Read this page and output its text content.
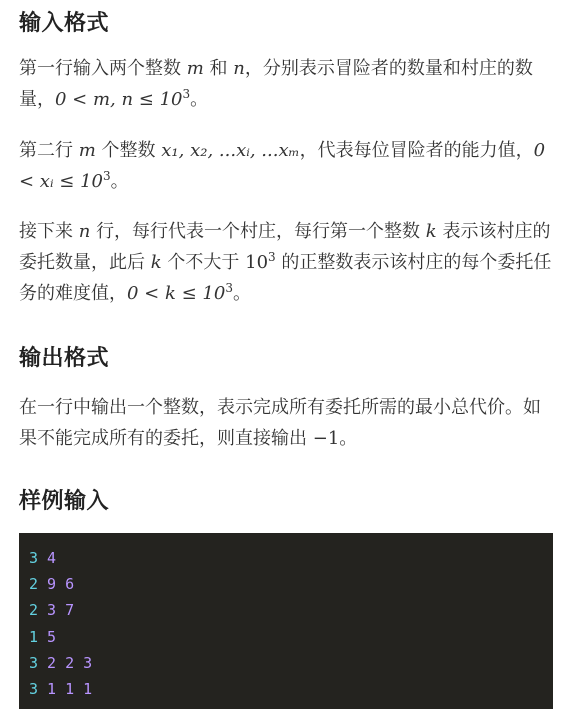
输入格式
第一行输入两个整数 m 和 n，分别表示冒险者的数量和村庄的数量，0 < m, $n \le 10^3$。
第二行 m 个整数 x₁, x₂, ...xᵢ, ...xₘ，代表每位冒险者的能力值，0 < xᵢ ≤ $10^3$。
接下来 n 行，每行代表一个村庄，每行第一个整数 k 表示该村庄的委托数量，此后 k 个不大于 $10^3$ 的正整数表示该村庄的每个委托任务的难度值，$0 < k \le 10^3$。
输出格式
在一行中输出一个整数，表示完成所有委托所需的最小总代价。如果不能完成所有的委托，则直接输出 −1。
样例输入
3 4
2 9 6
2 3 7
1 5
3 2 2 3
3 1 1 1
